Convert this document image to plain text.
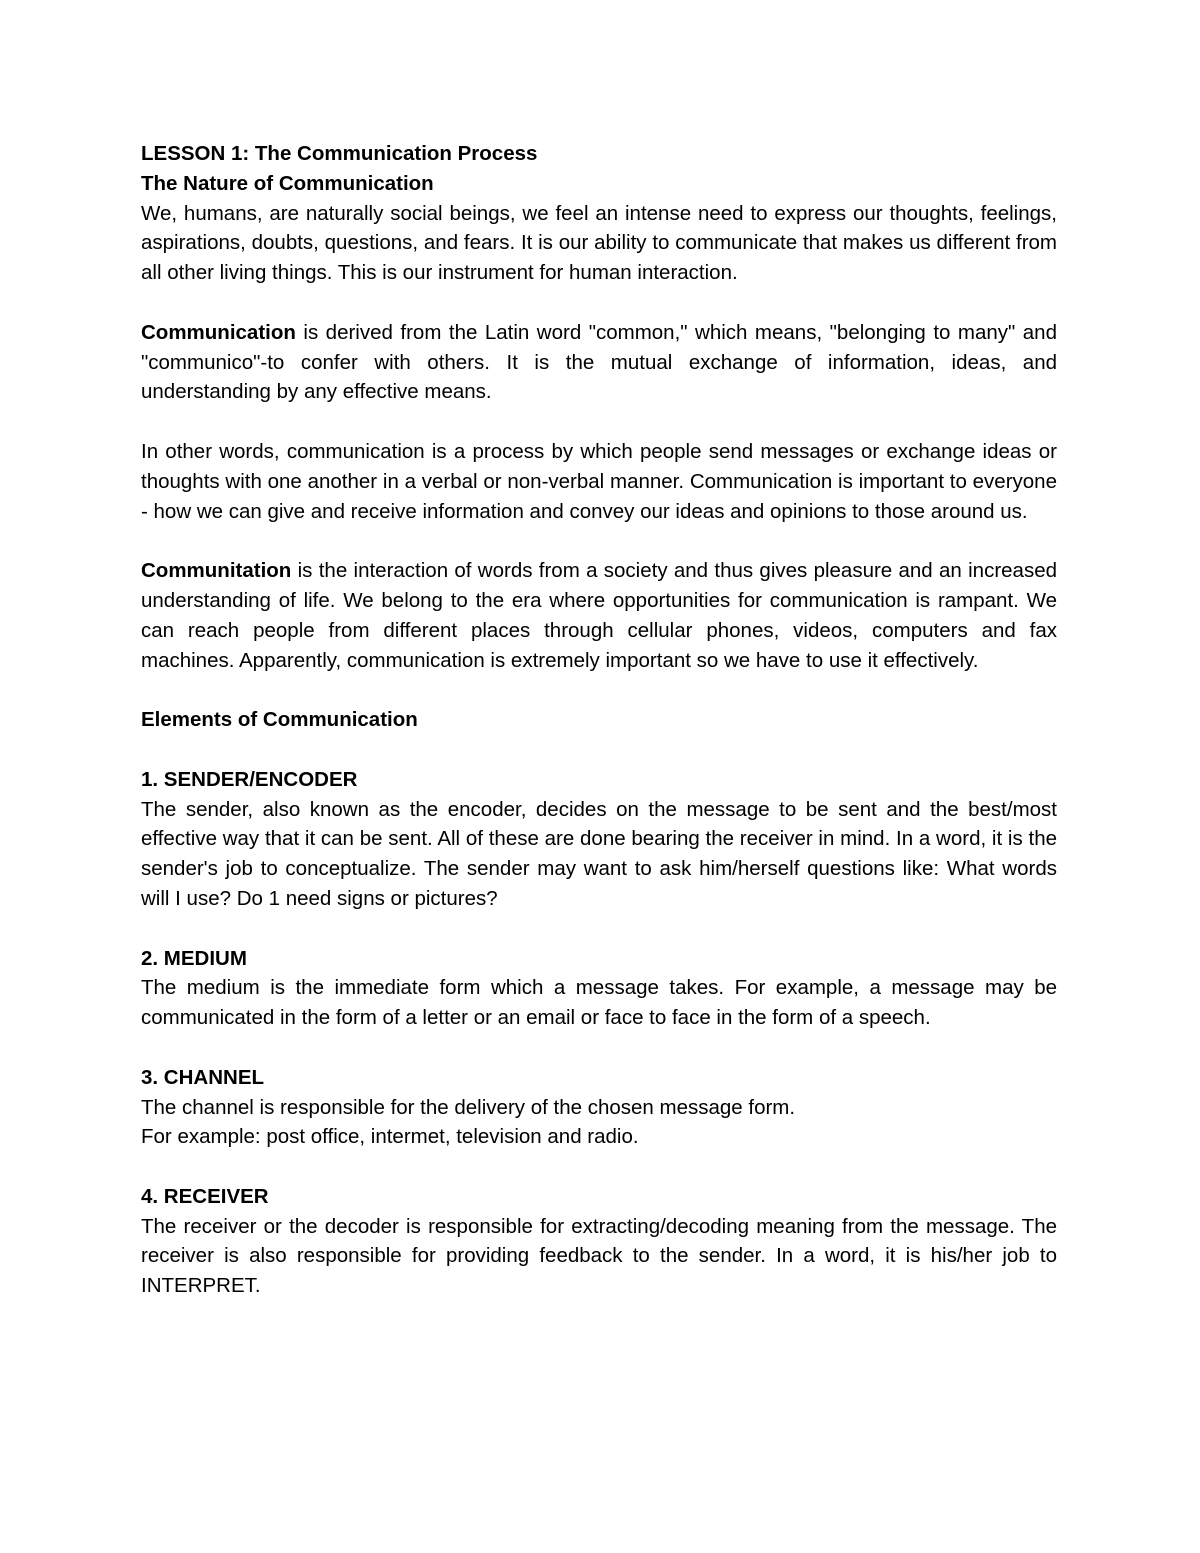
LESSON 1: The Communication Process
The Nature of Communication

We, humans, are naturally social beings, we feel an intense need to express our thoughts, feelings, aspirations, doubts, questions, and fears. It is our ability to communicate that makes us different from all other living things. This is our instrument for human interaction.

Communication is derived from the Latin word "common," which means, "belonging to many" and "communico"-to confer with others. It is the mutual exchange of information, ideas, and understanding by any effective means.

In other words, communication is a process by which people send messages or exchange ideas or thoughts with one another in a verbal or non-verbal manner. Communication is important to everyone - how we can give and receive information and convey our ideas and opinions to those around us.

Communitation is the interaction of words from a society and thus gives pleasure and an increased understanding of life. We belong to the era where opportunities for communication is rampant. We can reach people from different places through cellular phones, videos, computers and fax machines. Apparently, communication is extremely important so we have to use it effectively.

Elements of Communication
1. SENDER/ENCODER

The sender, also known as the encoder, decides on the message to be sent and the best/most effective way that it can be sent. All of these are done bearing the receiver in mind. In a word, it is the sender's job to conceptualize. The sender may want to ask him/herself questions like: What words will I use? Do 1 need signs or pictures?

2. MEDIUM

The medium is the immediate form which a message takes. For example, a message may be communicated in the form of a letter or an email or face to face in the form of a speech.

3. CHANNEL
The channel is responsible for the delivery of the chosen message form.
For example: post office, intermet, television and radio.
4. RECEIVER

The receiver or the decoder is responsible for extracting/decoding meaning from the message. The receiver is also responsible for providing feedback to the sender. In a word, it is his/her job to INTERPRET.
